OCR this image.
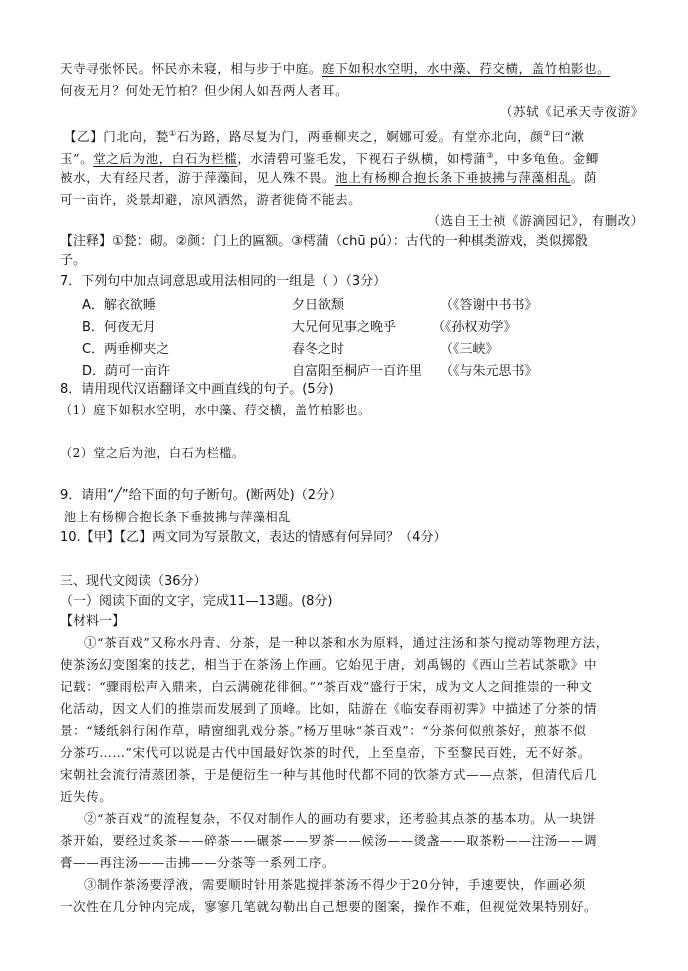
天寺寻张怀民。怀民亦未寝，相与步于中庭。庭下如积水空明，水中藻、荇交横，盖竹柏影也。
何夜无月？何处无竹柏？但少闲人如吾两人者耳。
（苏轼《记承天寺夜游》
【乙】门北向，甃①石为路，路尽复为门，两垂柳夹之，婀娜可爱。有堂亦北向，颜②曰“漱
玉”。堂之后为池，白石为栏槛，水清碧可鉴毛发，下视石子纵横，如樗蒲③，中多龟鱼。金鲫
被水，大有经尺者，游于萍藻间，见人殊不畏。池上有杨柳合抱长条下垂披拂与萍藻相乱。荫
可一亩许，炎景却避，凉风洒然，游者徙倚不能去。
（选自王士祯《游滴园记》，有删改）
【注释】①甃：砌。②颜：门上的匾额。③樗蒲（chū pú）：古代的一种棋类游戏，类似掷骰
子。
7．下列句中加点词意思或用法相同的一组是（ ）（3分）
A．解衣欲睡	夕日欲颓	（《答谢中书书》
B．何夜无月	大兄何见事之晚乎	（《孙权劝学》
C．两垂柳夹之	春冬之时	（《三峡》
D．荫可一亩许	自富阳至桐庐一百许里 （《与朱元思书》
8．请用现代汉语翻译文中画直线的句子。(5分)
（1）庭下如积水空明，水中藻、荇交横，盖竹柏影也。
（2）堂之后为池，白石为栏槛。
9．请用“╱”给下面的句子断句。(断两处)（2分）
池上有杨柳合抱长条下垂披拂与萍藻相乱
10.【甲】【乙】两文同为写景散文，表达的情感有何异同？（4分）
三、现代文阅读（36分）
（一）阅读下面的文字，完成11—13题。(8分)
【材料一】
①“茶百戏”又称水丹青、分茶，是一种以茶和水为原料，通过注汤和茶勺搅动等物理方法，
使茶汤幻变图案的技艺，相当于在茶汤上作画。它始见于唐，刘禹锡的《西山兰若试茶歌》中
记载：“骤雨松声入鼎来，白云满碗花徘徊。”“茶百戏”盛行于宋，成为文人之间推崇的一种文
化活动，因文人们的推崇而发展到了顶峰。比如，陆游在《临安春雨初霁》中描述了分茶的情
景：“矮纸斜行闲作草，晴窗细乳戏分茶。”杨万里咏“茶百戏”：“分茶何似煎茶好，煎茶不似
分茶巧……”宋代可以说是古代中国最好饮茶的时代，上至皇帝，下至黎民百姓，无不好茶。
宋朝社会流行清蒸团茶，于是便衍生一种与其他时代都不同的饮茶方式——点茶，但清代后几
近失传。
②“茶百戏”的流程复杂，不仅对制作人的画功有要求，还考验其点茶的基本功。从一块饼
茶开始，要经过炙茶——碎茶——碾茶——罗茶——候汤——烫盏——取茶粉——注汤——调
膏——再注汤——击拂——分茶等一系列工序。
③制作茶汤要浮液，需要顺时针用茶匙搅拌茶汤不得少于20分钟，手速要快，作画必须
一次性在几分钟内完成，寥寥几笔就勾勒出自己想要的图案，操作不难，但视觉效果特别好。
